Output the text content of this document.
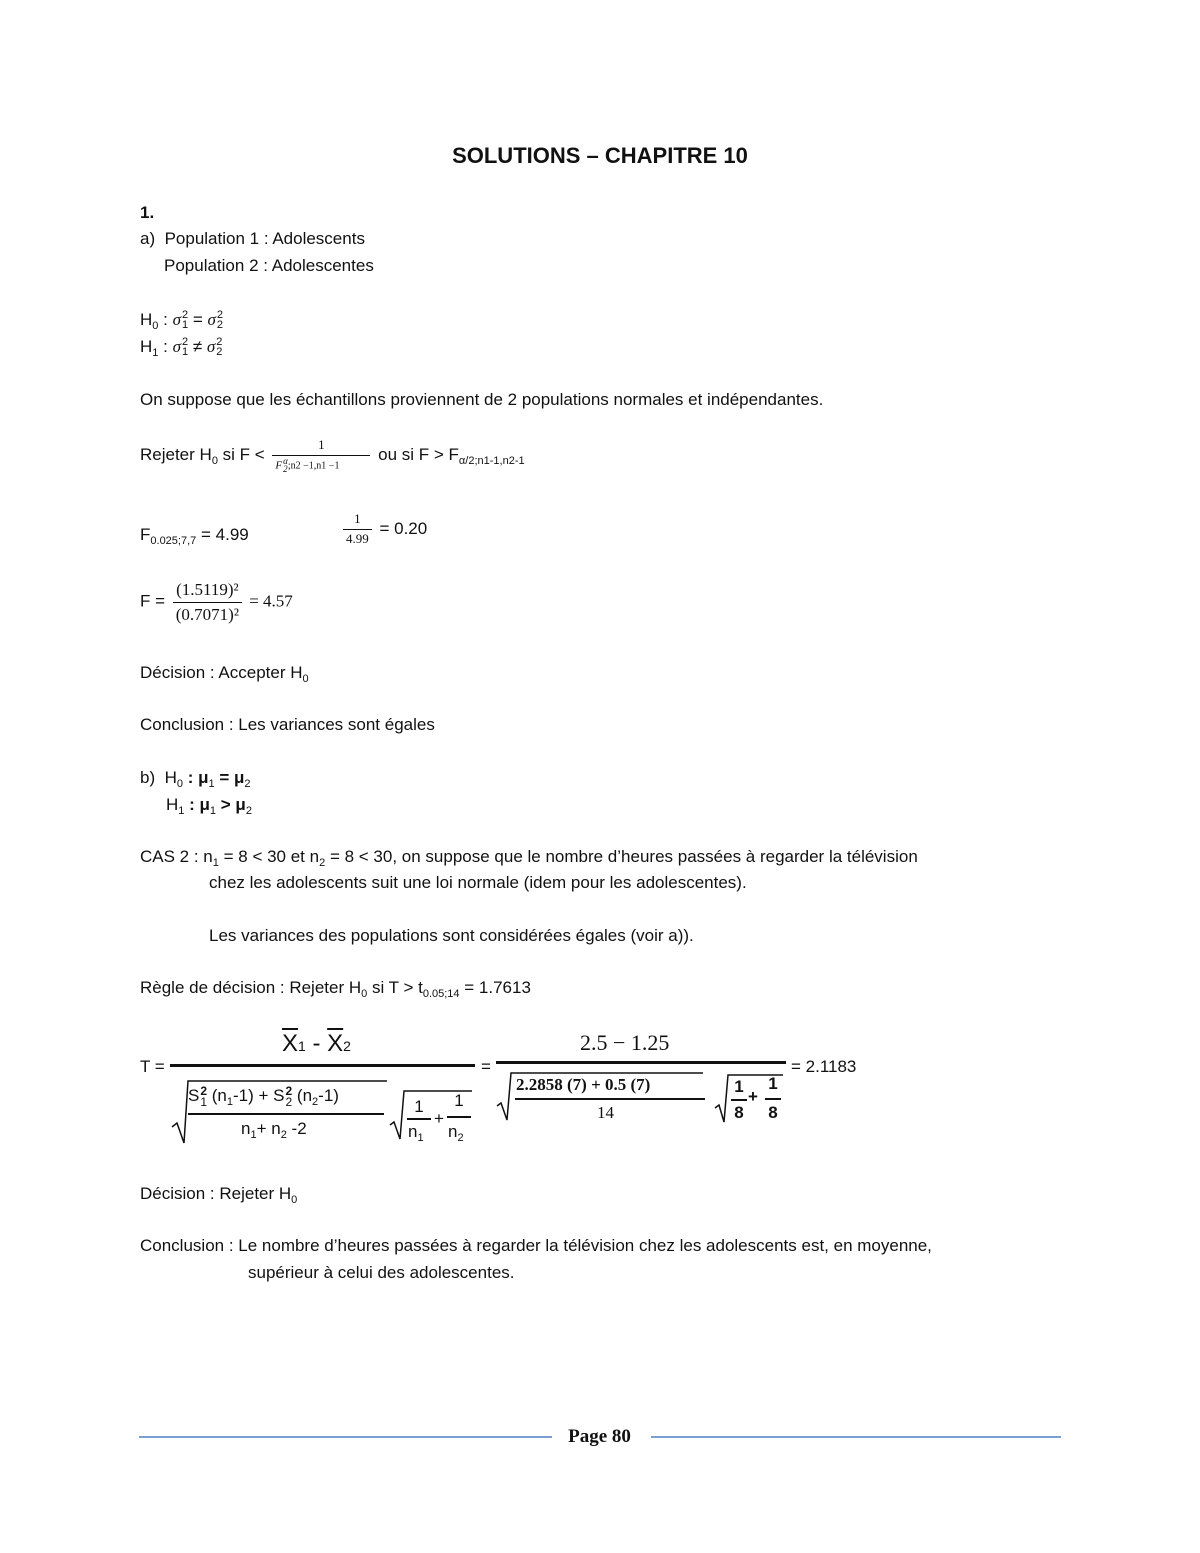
SOLUTIONS – CHAPITRE 10
1.
a) Population 1 : Adolescents
Population 2 : Adolescentes
$H_0$ : σ 2
1 = σ 2
2
$H_1$ : σ 2
1 ≠ σ 2
2
On suppose que les échantillons proviennent de 2 populations normales et indépendantes.
Rejeter $H_0$ si F < 1
F α
2 ;n2 −1,n1 −1 ou si $F > F_{\alpha/2;n1-1,n2-1}$
$F_{0.025;7,7} = 4.99$	$\frac{1}{4.99} = 0.20$
$F = \frac{\text{(1.5119)²}}{\text{(0.7071)²}} = 4.57$
Décision : Accepter $H_0$
Conclusion : Les variances sont égales
b) $H_0$ : $\mu_1 = \mu_2$
$H_1$ : $\mu_1 > \mu_2$
CAS 2 : $n_1 = 8 < 30$ et $n_2 = 8 < 30$, on suppose que le nombre d’heures passées à regarder la télévision
chez les adolescents suit une loi normale (idem pour les adolescentes).
Les variances des populations sont considérées égales (voir a)).
Règle de décision : Rejeter $H_0$ si $T > t_{0.05;14} = 1.7613$
T =
$\overline{X}1 - \overline{X}2$
S 2
1 $(n_1-1) + S$ 2
2 $(n_2-1)$
$n_1+ n_2$ -2
1
$n_1$
+
1
$n_2$
=
2.5 − 1.25
2.2858 (7) + 0.5 (7)
14
1
8
+
1
8
= 2.1183
Décision : Rejeter $H_0$
Conclusion : Le nombre d’heures passées à regarder la télévision chez les adolescents est, en moyenne,
supérieur à celui des adolescentes.
Page 80
